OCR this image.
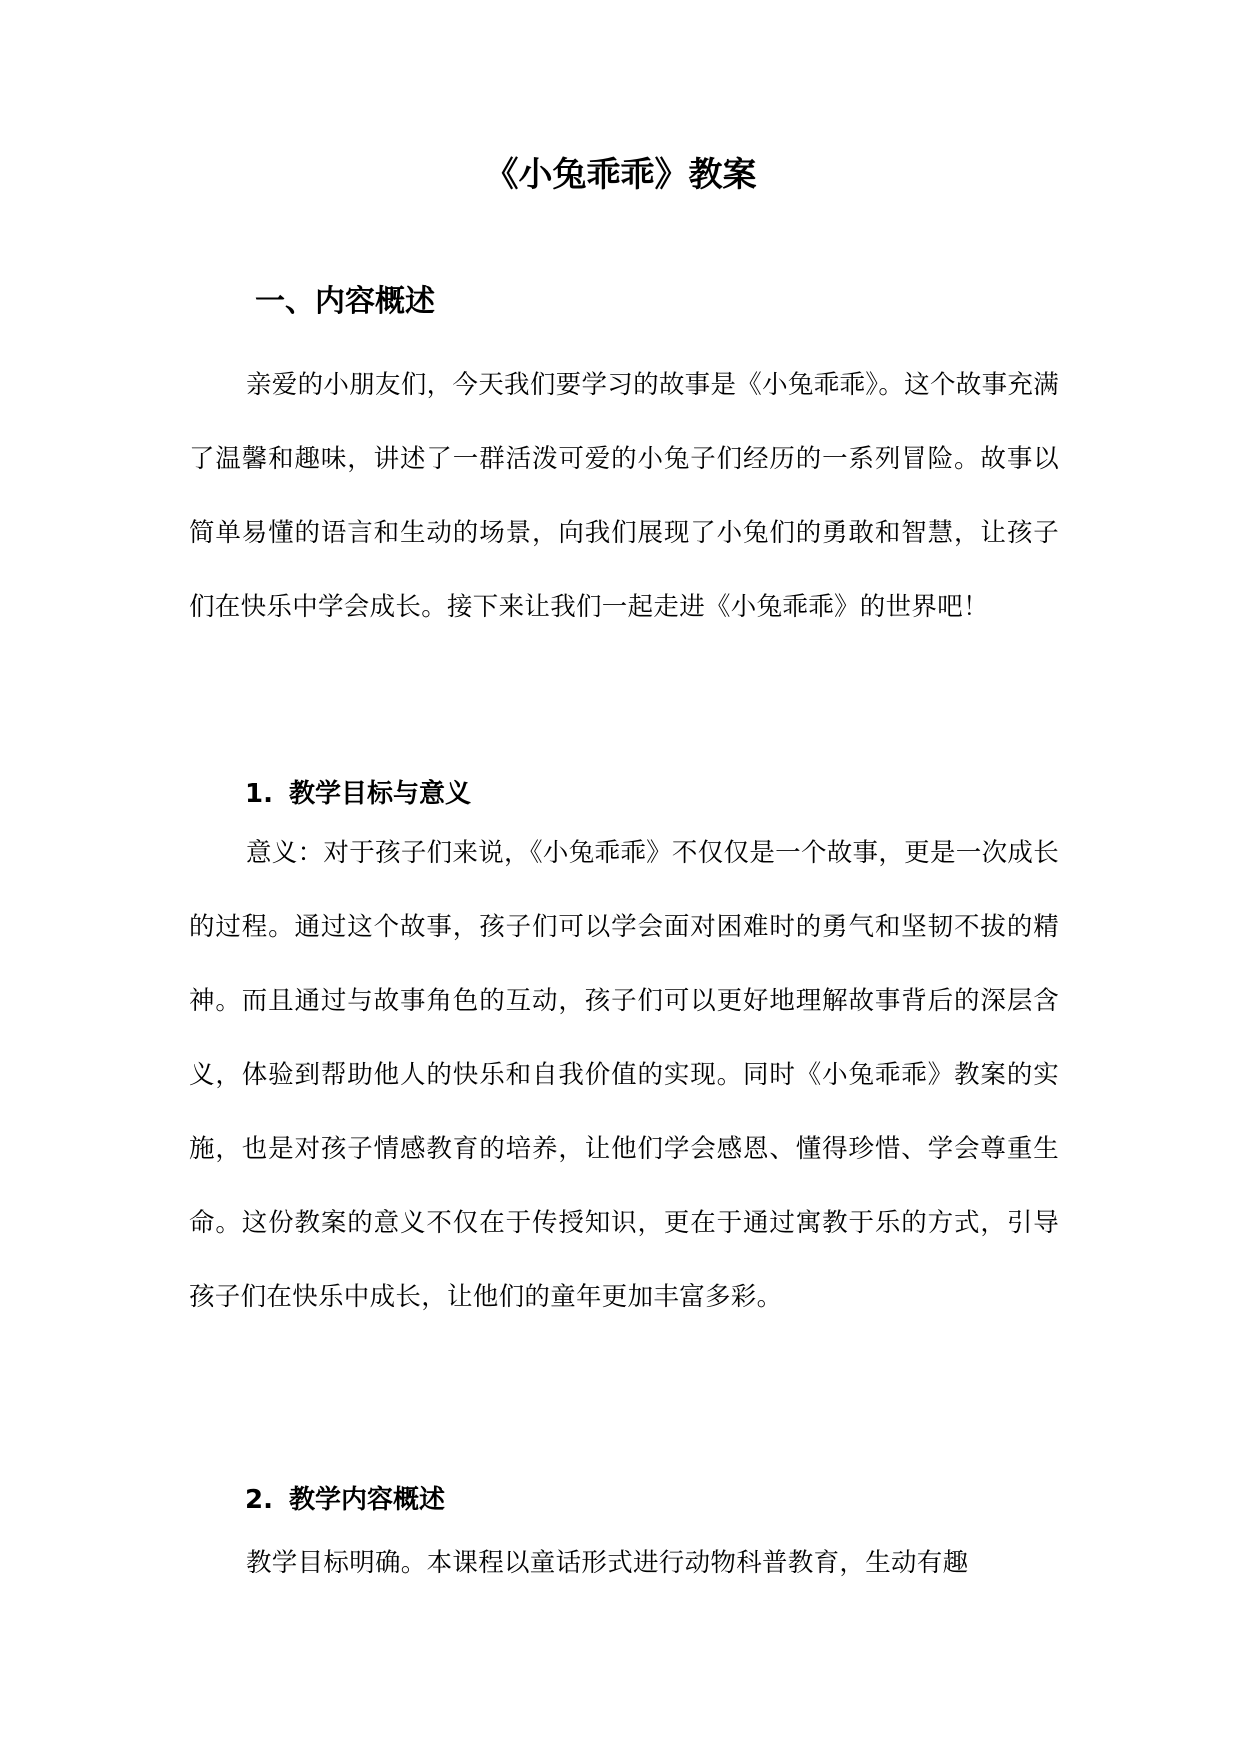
《小兔乖乖》教案
一、内容概述
亲爱的小朋友们，今天我们要学习的故事是《小兔乖乖》。这个故事充满了温馨和趣味，讲述了一群活泼可爱的小兔子们经历的一系列冒险。故事以简单易懂的语言和生动的场景，向我们展现了小兔们的勇敢和智慧，让孩子们在快乐中学会成长。接下来让我们一起走进《小兔乖乖》的世界吧！
1. 教学目标与意义
意义：对于孩子们来说，《小兔乖乖》不仅仅是一个故事，更是一次成长的过程。通过这个故事，孩子们可以学会面对困难时的勇气和坚韧不拔的精神。而且通过与故事角色的互动，孩子们可以更好地理解故事背后的深层含义，体验到帮助他人的快乐和自我价值的实现。同时《小兔乖乖》教案的实施，也是对孩子情感教育的培养，让他们学会感恩、懂得珍惜、学会尊重生命。这份教案的意义不仅在于传授知识，更在于通过寓教于乐的方式，引导孩子们在快乐中成长，让他们的童年更加丰富多彩。
2. 教学内容概述
教学目标明确。本课程以童话形式进行动物科普教育，生动有趣
